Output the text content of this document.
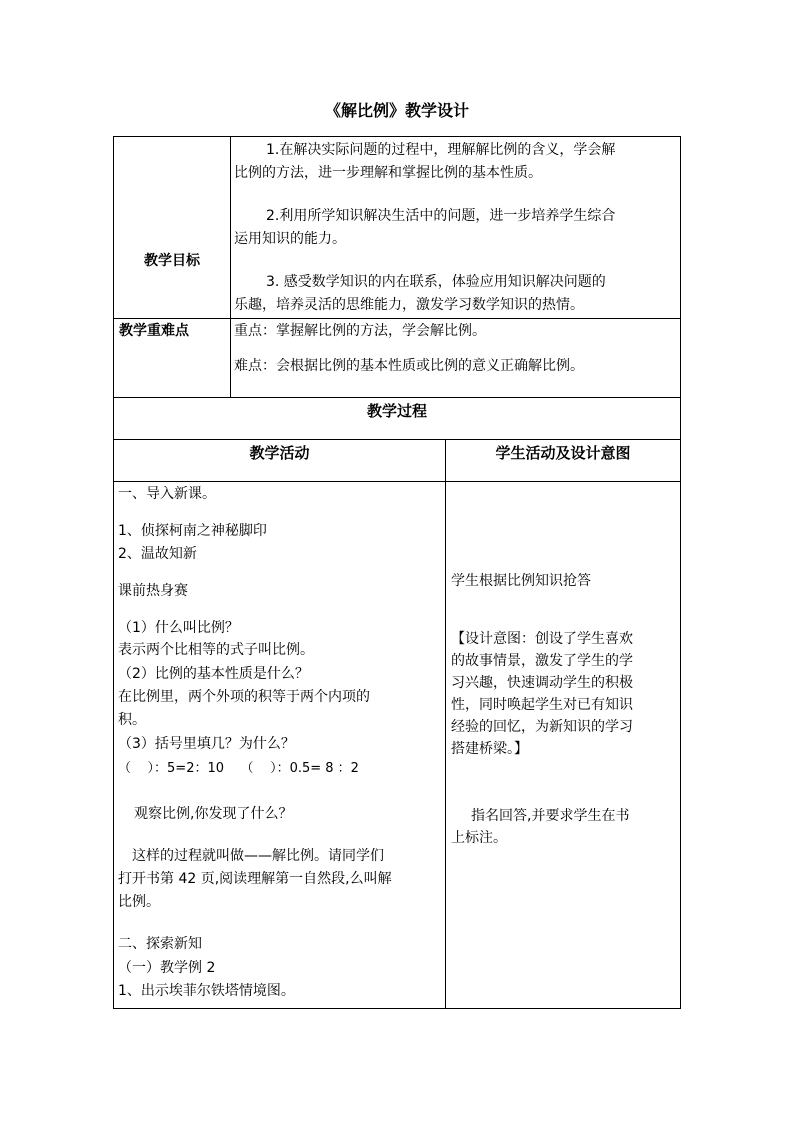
《解比例》教学设计
教学目标
1.在解决实际问题的过程中，理解解比例的含义，学会解
比例的方法，进一步理解和掌握比例的基本性质。
2.利用所学知识解决生活中的问题，进一步培养学生综合
运用知识的能力。
3. 感受数学知识的内在联系，体验应用知识解决问题的
乐趣，培养灵活的思维能力，激发学习数学知识的热情。
教学重难点	重点：掌握解比例的方法，学会解比例。
难点：会根据比例的基本性质或比例的意义正确解比例。
教学过程
教学活动	学生活动及设计意图
一、导入新课。
1、侦探柯南之神秘脚印
2、温故知新
课前热身赛
（1）什么叫比例？
表示两个比相等的式子叫比例。
（2）比例的基本性质是什么？
在比例里，两个外项的积等于两个内项的
积。
（3）括号里填几？为什么？
（    ）：5=2：10    （    ）：0.5= 8 ：2
观察比例,你发现了什么？
这样的过程就叫做——解比例。请同学们
打开书第 42 页,阅读理解第一自然段,么叫解
比例。
二、探索新知
（一）教学例 2
1、出示埃菲尔铁塔情境图。
学生根据比例知识抢答
【设计意图：创设了学生喜欢
的故事情景，激发了学生的学
习兴趣，快速调动学生的积极
性，同时唤起学生对已有知识
经验的回忆，为新知识的学习
搭建桥梁。】
指名回答,并要求学生在书
上标注。
